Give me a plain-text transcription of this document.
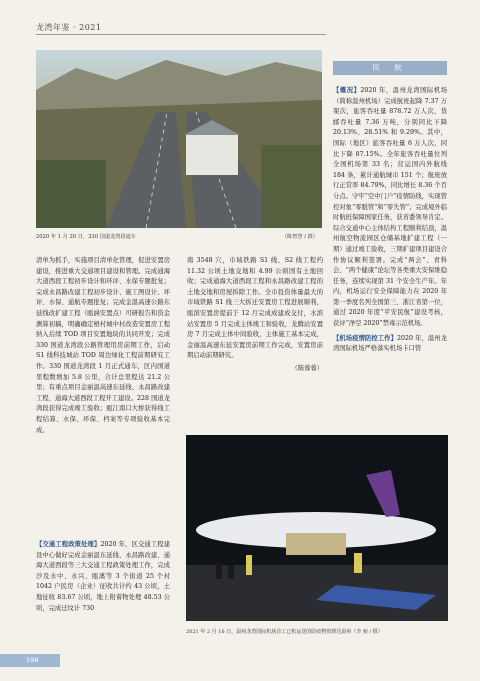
龙湾年鉴 · 2021
2020 年 1 月 20 日，330 国道龙湾段通车	（陈智慧 / 摄）

清单为抓手，实施项目清单化管理，促进安置房建设，推进重大交通项目建设和管理。完成通海大道西段工程初步设计和环评、水保专题批复；完成永昌路改建工程初步设计、施工图设计、环评、水保、通航专题批复；完成金温高速公路东延线改扩建工程（瓯涵安置点）可研报告和资金测算初稿，明确确定梧村城中村改造安置房工程纳入后续 TOD 项目安置地块的共同开发；完成 330 国道龙湾段公路管理用房前期工作，启动 S1 线科技城站 TOD 周边绿化工程前期研究工作。330 国道龙湾段 1 月正式通车，区内国道里程数增加 5.8 公里，合计总里程达 21.2 公里；有重点项目金丽温高速东延线、永昌路改建工程、通海大道西段工程开工建设。228 国道龙湾段获得完成竣工验收；瓯江南口大桥获得线工程结算、水保、环保、档案等专项验收基本完成。

南 3548 穴，市域铁路 S1 线、S2 线工程约 11.32 公顷土地交地和 4.99 公顷国有土地回收；完成通海大道西段工程和永昌路改建工程的土地交地和房屋拆除工作。全市投资体量最大的市域铁路 S1 线三大拆迁安置房工程进展顺利，瓯滨安置房提前于 12 月完成成建成交付，水滨站安置房 5 月完成主体竣工和验收，龙腾站安置房 7 月完成主体中间验收，主体施工基本完成，金丽温高速东延安置房前期工作完成，安置房前期启动前期研究。

（陈蓉蓉）
民 航

【概况】2020 年，温州龙湾国际机场（简称温州机场）完成航班起降 7.37 万架次，旅客吞吐量 878.72 万人次，货邮吞吐量 7.36 万吨，分别同比下降 20.13%、28.51% 和 9.29%。其中，国际（地区）旅客吞吐量 6 万人次，同比下降 87.15%。全年旅客吞吐量位列全国机场第 33 名；营运国内外航线 184 条，累计通航城市 151 个；航班放行正常率 84.79%，同比增长 8.36 个百分点。守牢“空中门户”疫情防线，实现管控对象“零脱管”和“零失管”；完成境外临时航班保障国家任务，获省委领导肯定。综合交通中心主体结构工程顺利结顶，温州航空物流园区仓储基地扩建工程（一期）通过竣工验收，三期扩建项目建设合作协议顺利签署。完成“两会”、青科会、“两个健康”论坛等各类重大安保维稳任务，连续实现第 31 个安全生产年。年内，机场运行安全保障能力在 2020 年第一季度名列全国第三、浙江省第一位，通过 2020 年度“平安民航”建设考核，获评“净空 2020”禁毒示范机场。

【机场疫情防控工作】2020 年，温州龙湾国际机场严格落实机场卡口管

【交通工程政策处理】2020 年，区交通工程建设中心做好完成金丽温东延线、永昌路改建、通海大道西段等三大交通工程政策处理工作，完成沙及水中、水兴、瓯溪等 3 个街道 25 个村 1042 户民房（企业）征收共计约 43 公顷，土地征收 83.67 公顷，地上附着物处理 48.53 公顷，完成迁坟计 730

2021 年 2 月 16 日，温州龙湾国际机场首工已机运送的防疫物资到达温州（李 昶 / 摄）
198
